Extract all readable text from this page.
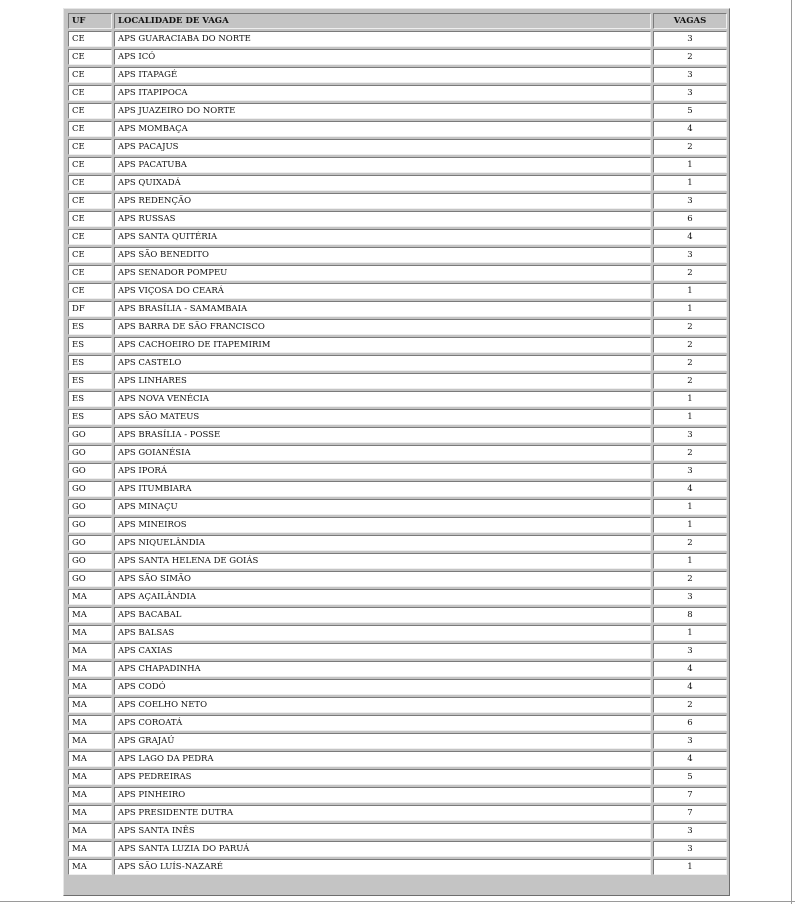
UF	LOCALIDADE DE VAGA	VAGAS
CE	APS GUARACIABA DO NORTE	3
CE	APS ICÓ	2
CE	APS ITAPAGÉ	3
CE	APS ITAPIPOCA	3
CE	APS JUAZEIRO DO NORTE	5
CE	APS MOMBAÇA	4
CE	APS PACAJUS	2
CE	APS PACATUBA	1
CE	APS QUIXADÁ	1
CE	APS REDENÇÃO	3
CE	APS RUSSAS	6
CE	APS SANTA QUITÉRIA	4
CE	APS SÃO BENEDITO	3
CE	APS SENADOR POMPEU	2
CE	APS VIÇOSA DO CEARÁ	1
DF	APS BRASÍLIA - SAMAMBAIA	1
ES	APS BARRA DE SÃO FRANCISCO	2
ES	APS CACHOEIRO DE ITAPEMIRIM	2
ES	APS CASTELO	2
ES	APS LINHARES	2
ES	APS NOVA VENÉCIA	1
ES	APS SÃO MATEUS	1
GO	APS BRASÍLIA - POSSE	3
GO	APS GOIANÉSIA	2
GO	APS IPORÁ	3
GO	APS ITUMBIARA	4
GO	APS MINAÇU	1
GO	APS MINEIROS	1
GO	APS NIQUELÂNDIA	2
GO	APS SANTA HELENA DE GOIÁS	1
GO	APS SÃO SIMÃO	2
MA	APS AÇAILÂNDIA	3
MA	APS BACABAL	8
MA	APS BALSAS	1
MA	APS CAXIAS	3
MA	APS CHAPADINHA	4
MA	APS CODÓ	4
MA	APS COELHO NETO	2
MA	APS COROATÁ	6
MA	APS GRAJAÚ	3
MA	APS LAGO DA PEDRA	4
MA	APS PEDREIRAS	5
MA	APS PINHEIRO	7
MA	APS PRESIDENTE DUTRA	7
MA	APS SANTA INÊS	3
MA	APS SANTA LUZIA DO PARUÁ	3
MA	APS SÃO LUÍS-NAZARÉ	1
